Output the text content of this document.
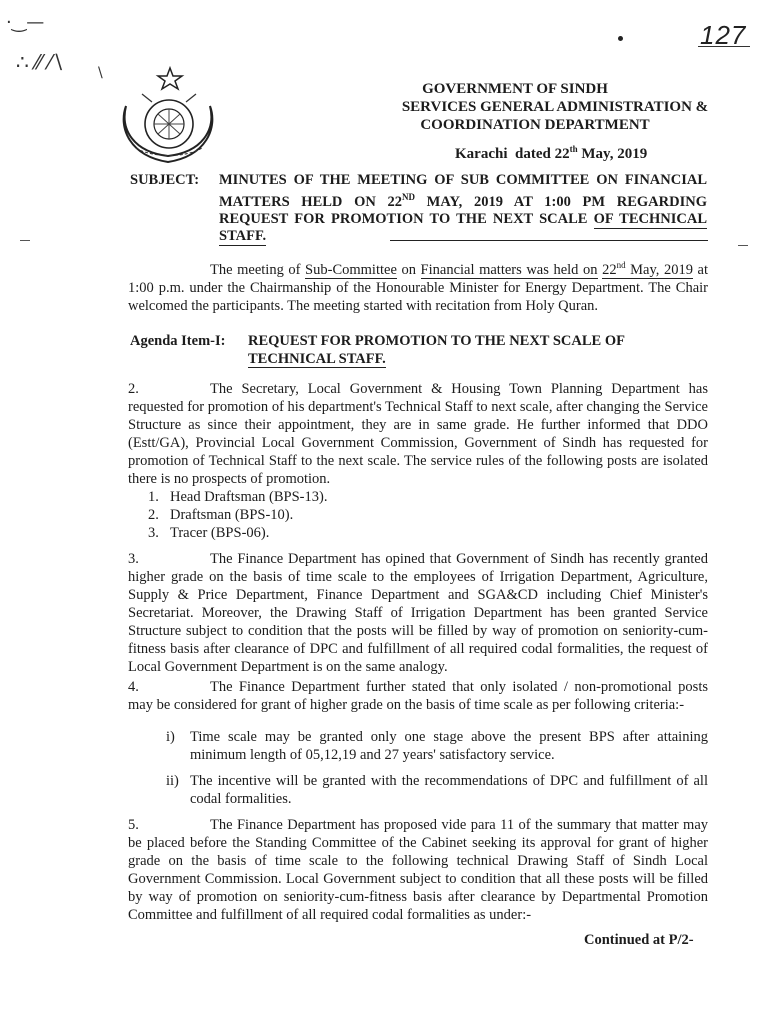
·‿—
∴ ⁄⁄ ⁄∖ \
127
GOVERNMENT OF SINDH
SERVICES GENERAL ADMINISTRATION &
COORDINATION DEPARTMENT
Karachi dated 22th May, 2019
SUBJECT: MINUTES OF THE MEETING OF SUB COMMITTEE ON FINANCIAL MATTERS HELD ON 22ND MAY, 2019 AT 1:00 PM REGARDING REQUEST FOR PROMOTION TO THE NEXT SCALE OF TECHNICAL STAFF.
The meeting of Sub-Committee on Financial matters was held on 22nd May, 2019 at 1:00 p.m. under the Chairmanship of the Honourable Minister for Energy Department. The Chair welcomed the participants. The meeting started with recitation from Holy Quran.
Agenda Item-I: REQUEST FOR PROMOTION TO THE NEXT SCALE OF
TECHNICAL STAFF.
2.	The Secretary, Local Government & Housing Town Planning Department has requested for promotion of his department's Technical Staff to next scale, after changing the Service Structure as since their appointment, they are in same grade. He further informed that DDO (Estt/GA), Provincial Local Government Commission, Government of Sindh has requested for promotion of Technical Staff to the next scale. The service rules of the following posts are isolated there is no prospects of promotion.
1. Head Draftsman (BPS-13).
2. Draftsman (BPS-10).
3. Tracer (BPS-06).
3.	The Finance Department has opined that Government of Sindh has recently granted higher grade on the basis of time scale to the employees of Irrigation Department, Agriculture, Supply & Price Department, Finance Department and SGA&CD including Chief Minister's Secretariat. Moreover, the Drawing Staff of Irrigation Department has been granted Service Structure subject to condition that the posts will be filled by way of promotion on seniority-cum-fitness basis after clearance of DPC and fulfillment of all required codal formalities, the request of Local Government Department is on the same analogy.
4.	The Finance Department further stated that only isolated / non-promotional posts may be considered for grant of higher grade on the basis of time scale as per following criteria:-
i) Time scale may be granted only one stage above the present BPS after attaining minimum length of 05,12,19 and 27 years' satisfactory service.
ii) The incentive will be granted with the recommendations of DPC and fulfillment of all codal formalities.
5.	The Finance Department has proposed vide para 11 of the summary that matter may be placed before the Standing Committee of the Cabinet seeking its approval for grant of higher grade on the basis of time scale to the following technical Drawing Staff of Sindh Local Government Commission. Local Government subject to condition that all these posts will be filled by way of promotion on seniority-cum-fitness basis after clearance by Departmental Promotion Committee and fulfillment of all required codal formalities as under:-
Continued at P/2-
